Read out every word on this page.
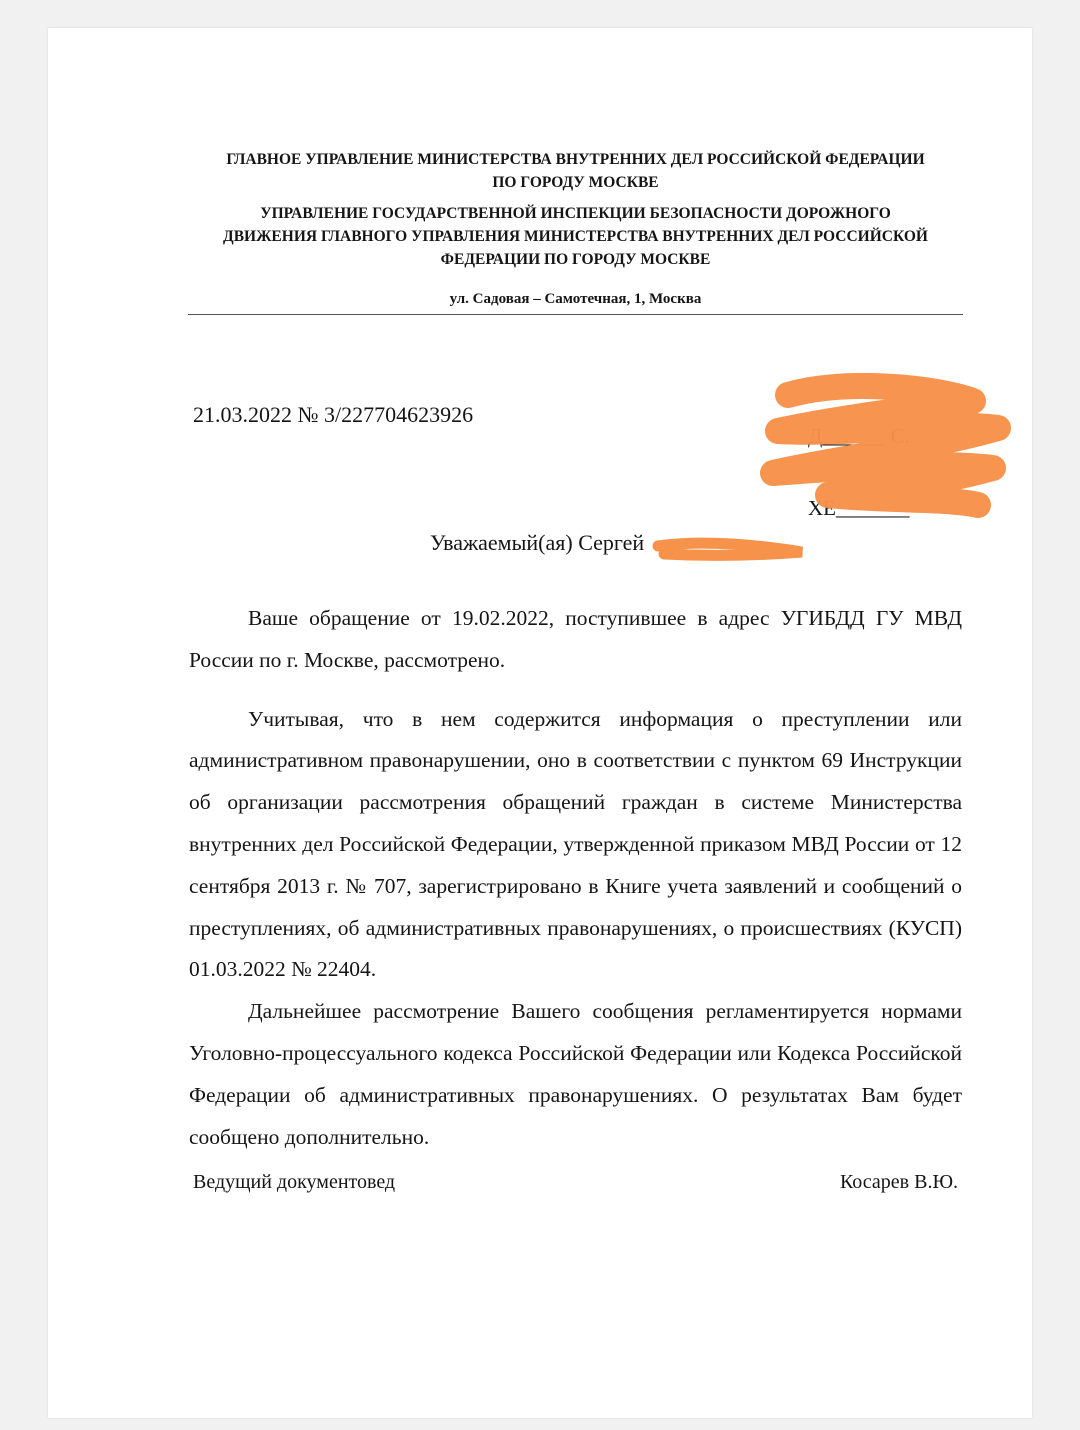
ГЛАВНОЕ УПРАВЛЕНИЕ МИНИСТЕРСТВА ВНУТРЕННИХ ДЕЛ РОССИЙСКОЙ ФЕДЕРАЦИИ
ПО ГОРОДУ МОСКВЕ
УПРАВЛЕНИЕ ГОСУДАРСТВЕННОЙ ИНСПЕКЦИИ БЕЗОПАСНОСТИ ДОРОЖНОГО
ДВИЖЕНИЯ ГЛАВНОГО УПРАВЛЕНИЯ МИНИСТЕРСТВА ВНУТРЕННИХ ДЕЛ РОССИЙСКОЙ
ФЕДЕРАЦИИ ПО ГОРОДУ МОСКВЕ
ул. Садовая – Самотечная, 1, Москва
21.03.2022 № 3/227704623926
Д______ С.
ХЕ_______
Уважаемый(ая) Сергей

Ваше обращение от 19.02.2022, поступившее в адрес УГИБДД ГУ МВД России по г. Москве, рассмотрено.

Учитывая, что в нем содержится информация о преступлении или административном правонарушении, оно в соответствии с пунктом 69 Инструкции об организации рассмотрения обращений граждан в системе Министерства внутренних дел Российской Федерации, утвержденной приказом МВД России от 12 сентября 2013 г. № 707, зарегистрировано в Книге учета заявлений и сообщений о преступлениях, об административных правонарушениях, о происшествиях (КУСП) 01.03.2022 № 22404.

Дальнейшее рассмотрение Вашего сообщения регламентируется нормами Уголовно-процессуального кодекса Российской Федерации или Кодекса Российской Федерации об административных правонарушениях. О результатах Вам будет сообщено дополнительно.

Ведущий документовед	Косарев В.Ю.
